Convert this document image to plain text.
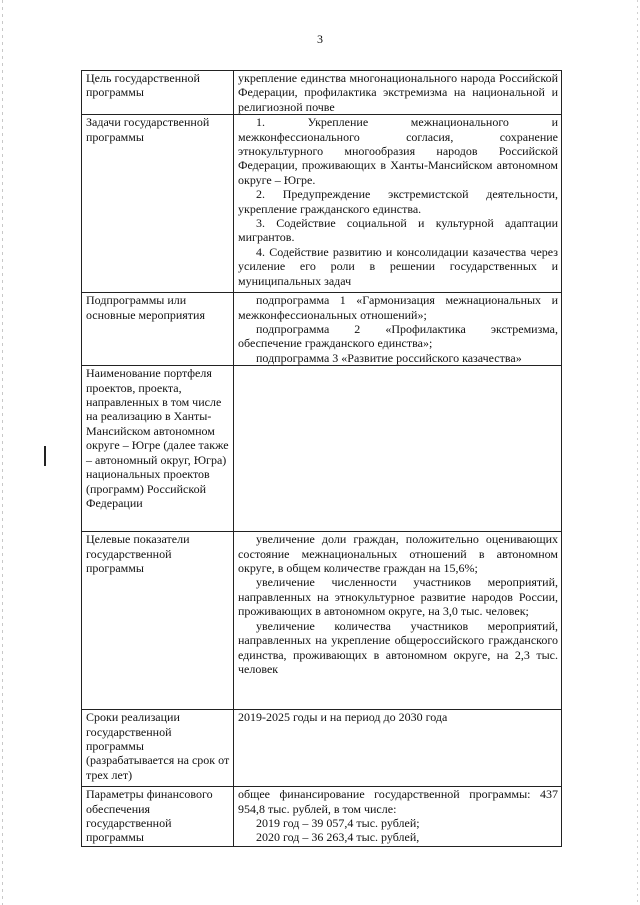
3
Цель государственной программы	укрепление единства многонационального народа Российской Федерации, профилактика экстремизма на национальной и религиозной почве

Задачи государственной программы	1. Укрепление межнационального и межконфессионального согласия, сохранение этнокультурного многообразия народов Российской Федерации, проживающих в Ханты-Мансийском автономном округе – Югре.
2. Предупреждение экстремистской деятельности, укрепление гражданского единства.
3. Содействие социальной и культурной адаптации мигрантов.
4. Содействие развитию и консолидации казачества через усиление его роли в решении государственных и муниципальных задач

Подпрограммы или основные мероприятия	подпрограмма 1 «Гармонизация межнациональных и межконфессиональных отношений»;
подпрограмма 2 «Профилактика экстремизма, обеспечение гражданского единства»;
подпрограмма 3 «Развитие российского казачества»

Наименование портфеля проектов, проекта, направленных в том числе на реализацию в Ханты-Мансийском автономном округе – Югре (далее также – автономный округ, Югра) национальных проектов (программ) Российской Федерации	
Целевые показатели государственной программы	увеличение доли граждан, положительно оценивающих состояние межнациональных отношений в автономном округе, в общем количестве граждан на 15,6%;
увеличение численности участников мероприятий, направленных на этнокультурное развитие народов России, проживающих в автономном округе, на 3,0 тыс. человек;
увеличение количества участников мероприятий, направленных на укрепление общероссийского гражданского единства, проживающих в автономном округе, на 2,3 тыс. человек

Сроки реализации государственной программы (разрабатывается на срок от трех лет)	2019-2025 годы и на период до 2030 года

Параметры финансового обеспечения государственной программы	общее финансирование государственной программы: 437 954,8 тыс. рублей, в том числе:
2019 год – 39 057,4 тыс. рублей;
2020 год – 36 263,4 тыс. рублей,
